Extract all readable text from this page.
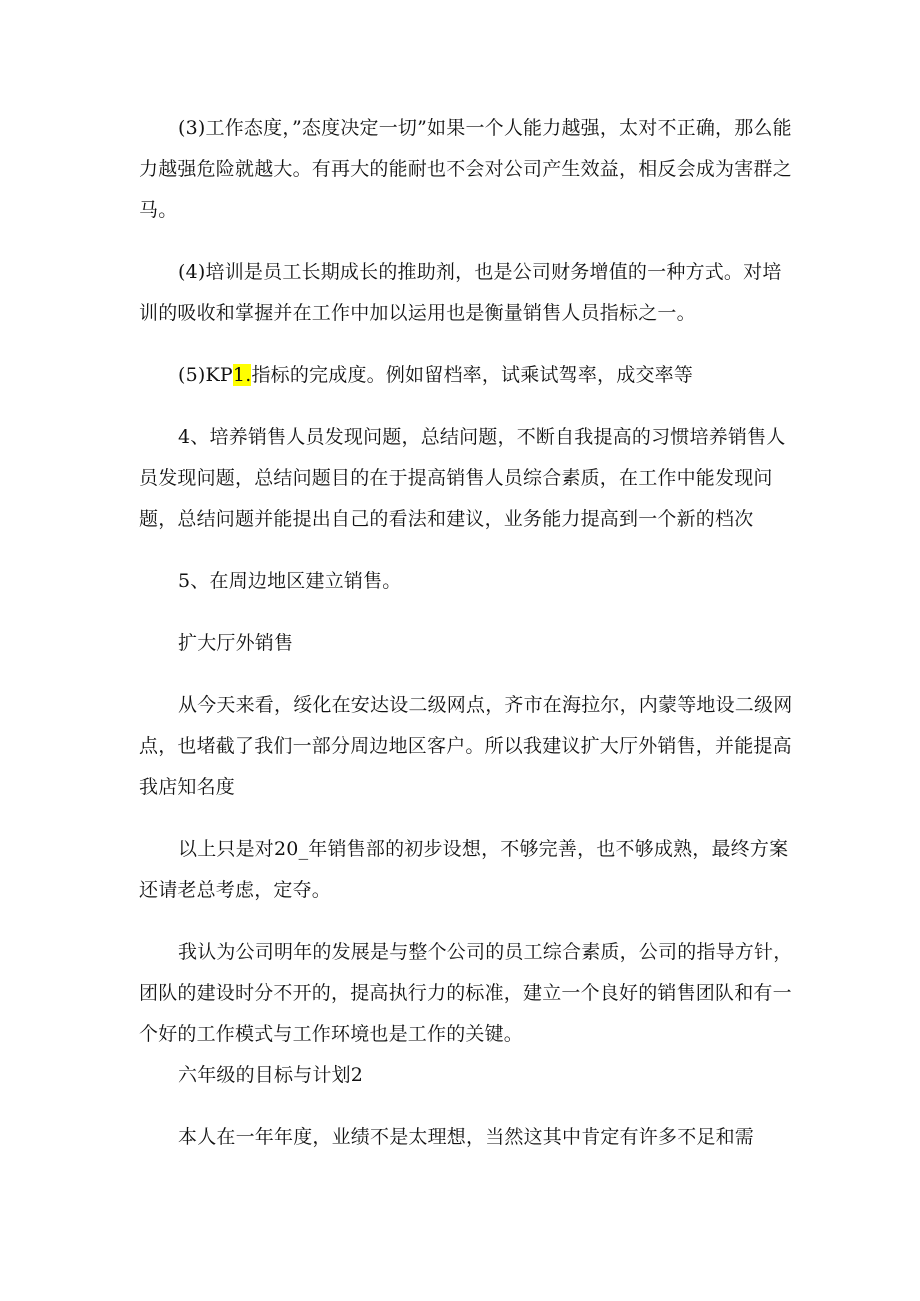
(3)工作态度，”态度决定一切”如果一个人能力越强，太对不正确，那么能力越强危险就越大。有再大的能耐也不会对公司产生效益，相反会成为害群之马。

(4)培训是员工长期成长的推助剂，也是公司财务增值的一种方式。对培训的吸收和掌握并在工作中加以运用也是衡量销售人员指标之一。

(5)KP1.指标的完成度。例如留档率，试乘试驾率，成交率等

4、培养销售人员发现问题，总结问题，不断自我提高的习惯培养销售人员发现问题，总结问题目的在于提高销售人员综合素质，在工作中能发现问题，总结问题并能提出自己的看法和建议，业务能力提高到一个新的档次

5、在周边地区建立销售。

扩大厅外销售

从今天来看，绥化在安达设二级网点，齐市在海拉尔，内蒙等地设二级网点，也堵截了我们一部分周边地区客户。所以我建议扩大厅外销售，并能提高我店知名度

以上只是对20_年销售部的初步设想，不够完善，也不够成熟，最终方案还请老总考虑，定夺。

我认为公司明年的发展是与整个公司的员工综合素质，公司的指导方针，团队的建设时分不开的，提高执行力的标准，建立一个良好的销售团队和有一个好的工作模式与工作环境也是工作的关键。

六年级的目标与计划2

本人在一年年度，业绩不是太理想，当然这其中肯定有许多不足和需
